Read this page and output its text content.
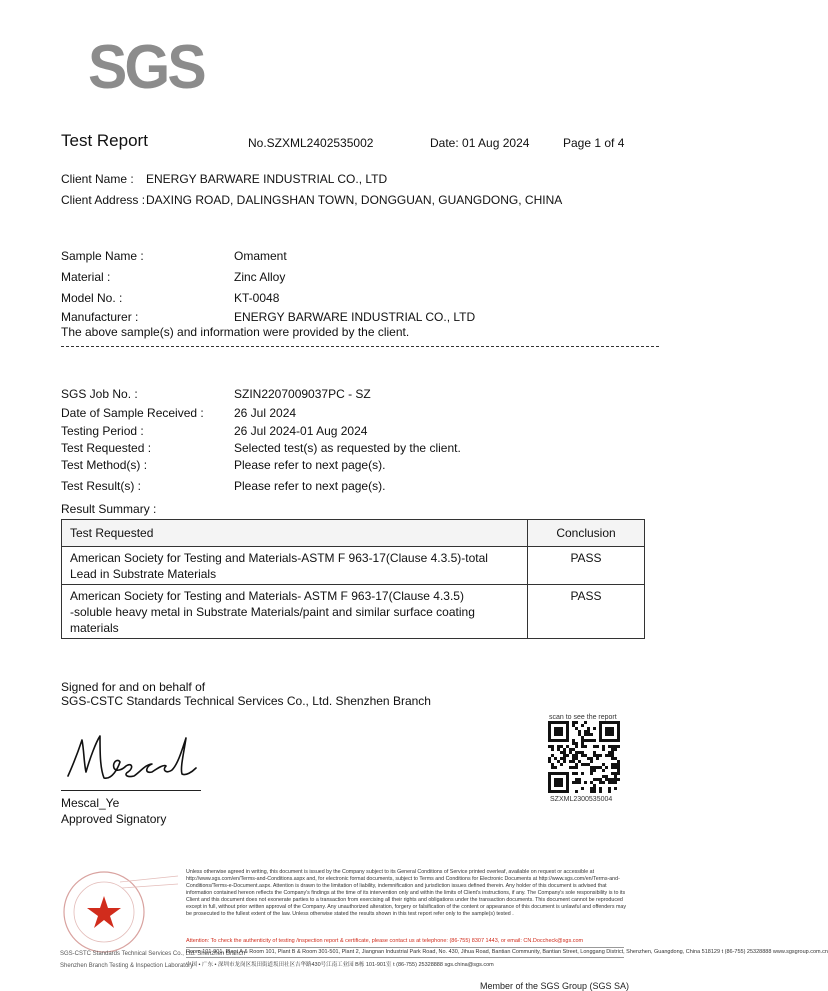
SGS
Test Report	No.SZXML2402535002	Date: 01 Aug 2024	Page 1 of 4
Client Name : ENERGY BARWARE INDUSTRIAL CO., LTD
Client Address : DAXING ROAD, DALINGSHAN TOWN, DONGGUAN, GUANGDONG, CHINA
Sample Name :	Omament
Material :	Zinc Alloy
Model No. :	KT-0048
Manufacturer :	ENERGY BARWARE INDUSTRIAL CO., LTD
The above sample(s) and information were provided by the client.
SGS Job No. :	SZIN2207009037PC - SZ
Date of Sample Received :	26 Jul 2024
Testing Period :	26 Jul 2024-01 Aug 2024
Test Requested :	Selected test(s) as requested by the client.
Test Method(s) :	Please refer to next page(s).
Test Result(s) :	Please refer to next page(s).
Result Summary :
Test Requested	Conclusion

American Society for Testing and Materials-ASTM F 963-17(Clause 4.3.5)-total
Lead in Substrate Materials	PASS

American Society for Testing and Materials- ASTM F 963-17(Clause 4.3.5)
-soluble heavy metal in Substrate Materials/paint and similar surface coating
materials	PASS
Signed for and on behalf of
SGS-CSTC Standards Technical Services Co., Ltd. Shenzhen Branch
Mescal_Ye
Approved Signatory
scan to see the report
SZXML2300535004
SGS-CSTC Standards Technical Services Co., Ltd. Shenzhen Branch
Shenzhen Branch Testing & Inspection Laboratory
Unless otherwise agreed in writing, this document is issued by the Company subject to its General Conditions of Service printed overleaf, available on request or accessible at http://www.sgs.com/en/Terms-and-Conditions.aspx and, for electronic format documents, subject to Terms and Conditions for Electronic Documents at http://www.sgs.com/en/Terms-and-Conditions/Terms-e-Document.aspx. Attention is drawn to the limitation of liability, indemnification and jurisdiction issues defined therein. Any holder of this document is advised that information contained hereon reflects the Company's findings at the time of its intervention only and within the limits of Client's instructions, if any. The Company's sole responsibility is to its Client and this document does not exonerate parties to a transaction from exercising all their rights and obligations under the transaction documents. This document cannot be reproduced except in full, without prior written approval of the Company. Any unauthorized alteration, forgery or falsification of the content or appearance of this document is unlawful and offenders may be prosecuted to the fullest extent of the law. Unless otherwise stated the results shown in this test report refer only to the sample(s) tested .
Attention: To check the authenticity of testing /inspection report & certificate, please contact us at telephone: (86-755) 8307 1443, or email: CN.Doccheck@sgs.com
Room 101-901, Plant A & Room 101, Plant B & Room 301-501, Plant 2, Jiangnan Industrial Park Road, No. 430, Jihua Road, Bantian Community, Bantian Street, Longgang District, Shenzhen, Guangdong, China 518129 t (86-755) 25328888 www.sgsgroup.com.cn
中国 • 广东 • 深圳市龙岗区坂田街道坂田社区吉华路430号江南工业园 B栋 101-901室 t (86-755) 25328888 sgs.china@sgs.com
Member of the SGS Group (SGS SA)
